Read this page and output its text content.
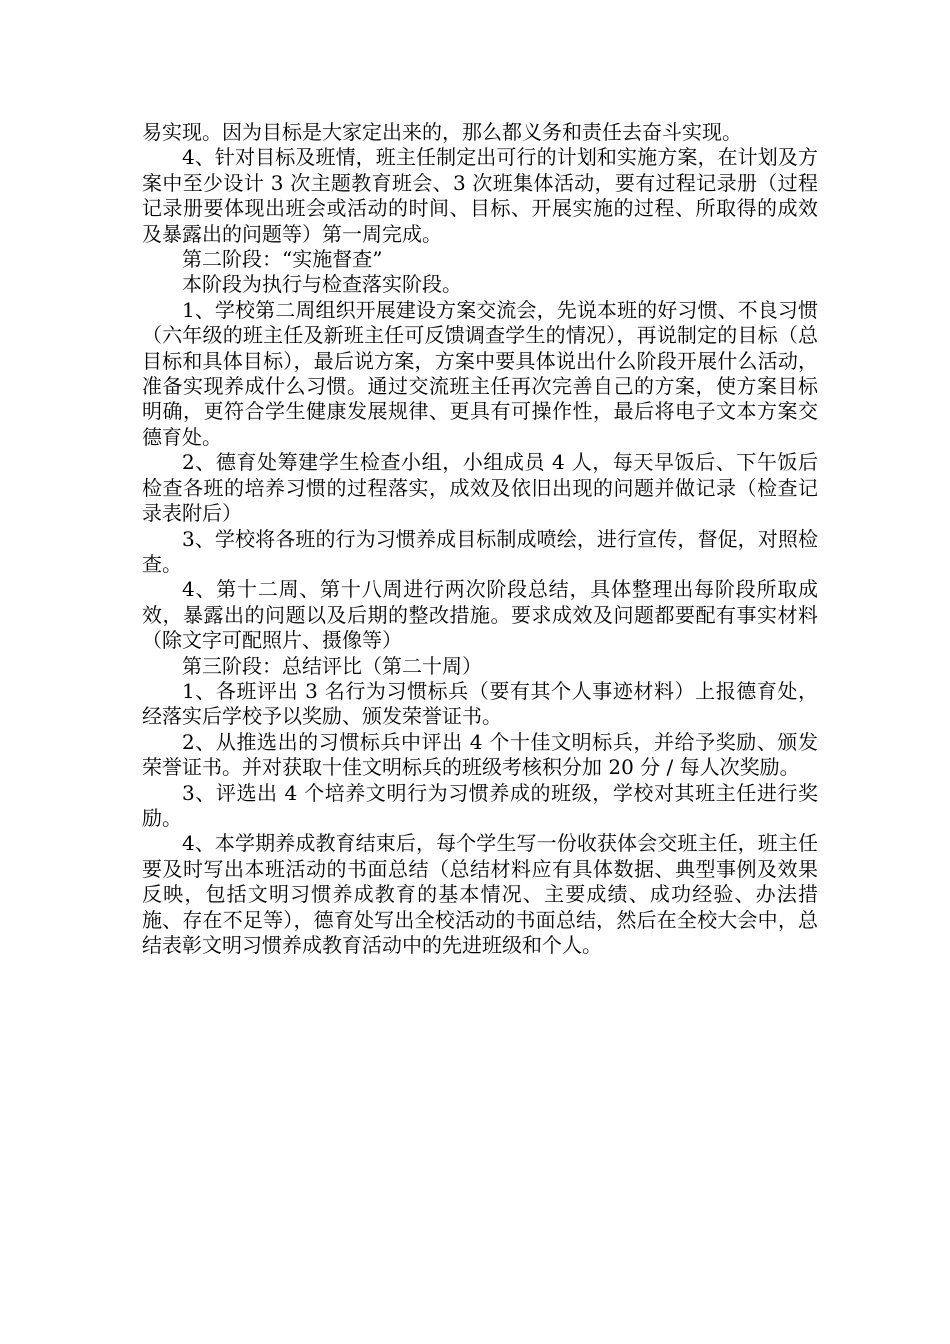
易实现。因为目标是大家定出来的，那么都义务和责任去奋斗实现。

4、针对目标及班情，班主任制定出可行的计划和实施方案，在计划及方案中至少设计 3 次主题教育班会、3 次班集体活动，要有过程记录册（过程记录册要体现出班会或活动的时间、目标、开展实施的过程、所取得的成效及暴露出的问题等）第一周完成。

第二阶段：“实施督查”

本阶段为执行与检查落实阶段。

1、学校第二周组织开展建设方案交流会，先说本班的好习惯、不良习惯（六年级的班主任及新班主任可反馈调查学生的情况），再说制定的目标（总目标和具体目标），最后说方案，方案中要具体说出什么阶段开展什么活动，准备实现养成什么习惯。通过交流班主任再次完善自己的方案，使方案目标明确，更符合学生健康发展规律、更具有可操作性，最后将电子文本方案交德育处。

2、德育处筹建学生检查小组，小组成员 4 人，每天早饭后、下午饭后检查各班的培养习惯的过程落实，成效及依旧出现的问题并做记录（检查记录表附后）

3、学校将各班的行为习惯养成目标制成喷绘，进行宣传，督促，对照检查。

4、第十二周、第十八周进行两次阶段总结，具体整理出每阶段所取成效，暴露出的问题以及后期的整改措施。要求成效及问题都要配有事实材料（除文字可配照片、摄像等）

第三阶段：总结评比（第二十周）

1、各班评出 3 名行为习惯标兵（要有其个人事迹材料）上报德育处，经落实后学校予以奖励、颁发荣誉证书。

2、从推选出的习惯标兵中评出 4 个十佳文明标兵，并给予奖励、颁发荣誉证书。并对获取十佳文明标兵的班级考核积分加 20 分 / 每人次奖励。

3、评选出 4 个培养文明行为习惯养成的班级，学校对其班主任进行奖励。

4、本学期养成教育结束后，每个学生写一份收获体会交班主任，班主任要及时写出本班活动的书面总结（总结材料应有具体数据、典型事例及效果反映，包括文明习惯养成教育的基本情况、主要成绩、成功经验、办法措施、存在不足等），德育处写出全校活动的书面总结，然后在全校大会中，总结表彰文明习惯养成教育活动中的先进班级和个人。
